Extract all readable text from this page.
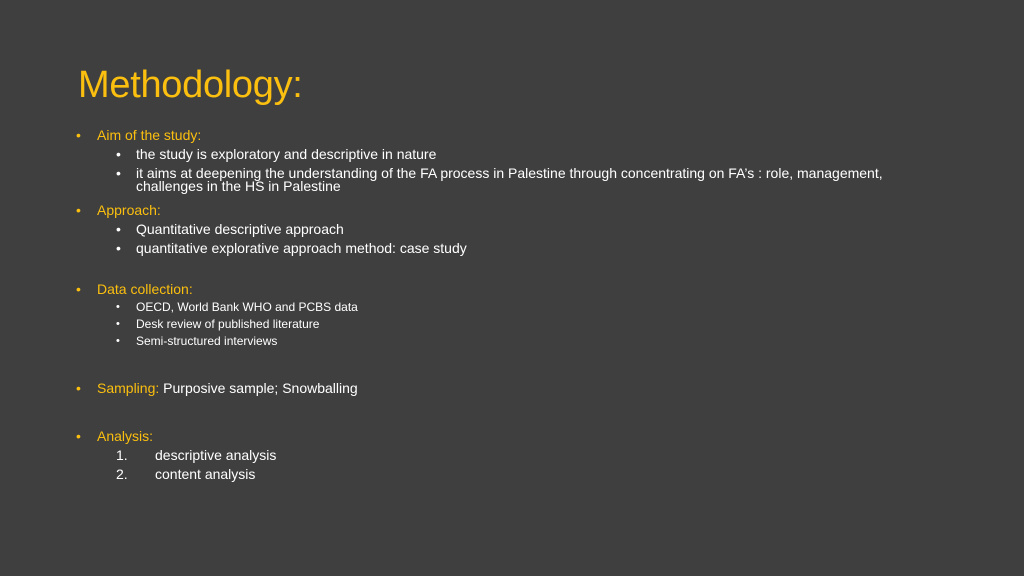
Methodology:
• Aim of the study:
• the study is exploratory and descriptive in nature
• it aims at deepening the understanding of the FA process in Palestine through concentrating on FA’s : role, management,
challenges in the HS in Palestine
• Approach:
• Quantitative descriptive approach
• quantitative explorative approach method: case study
• Data collection:
• OECD, World Bank WHO and PCBS data
• Desk review of published literature
• Semi-structured interviews
• Sampling: Purposive sample; Snowballing
• Analysis:
1. descriptive analysis
2. content analysis
